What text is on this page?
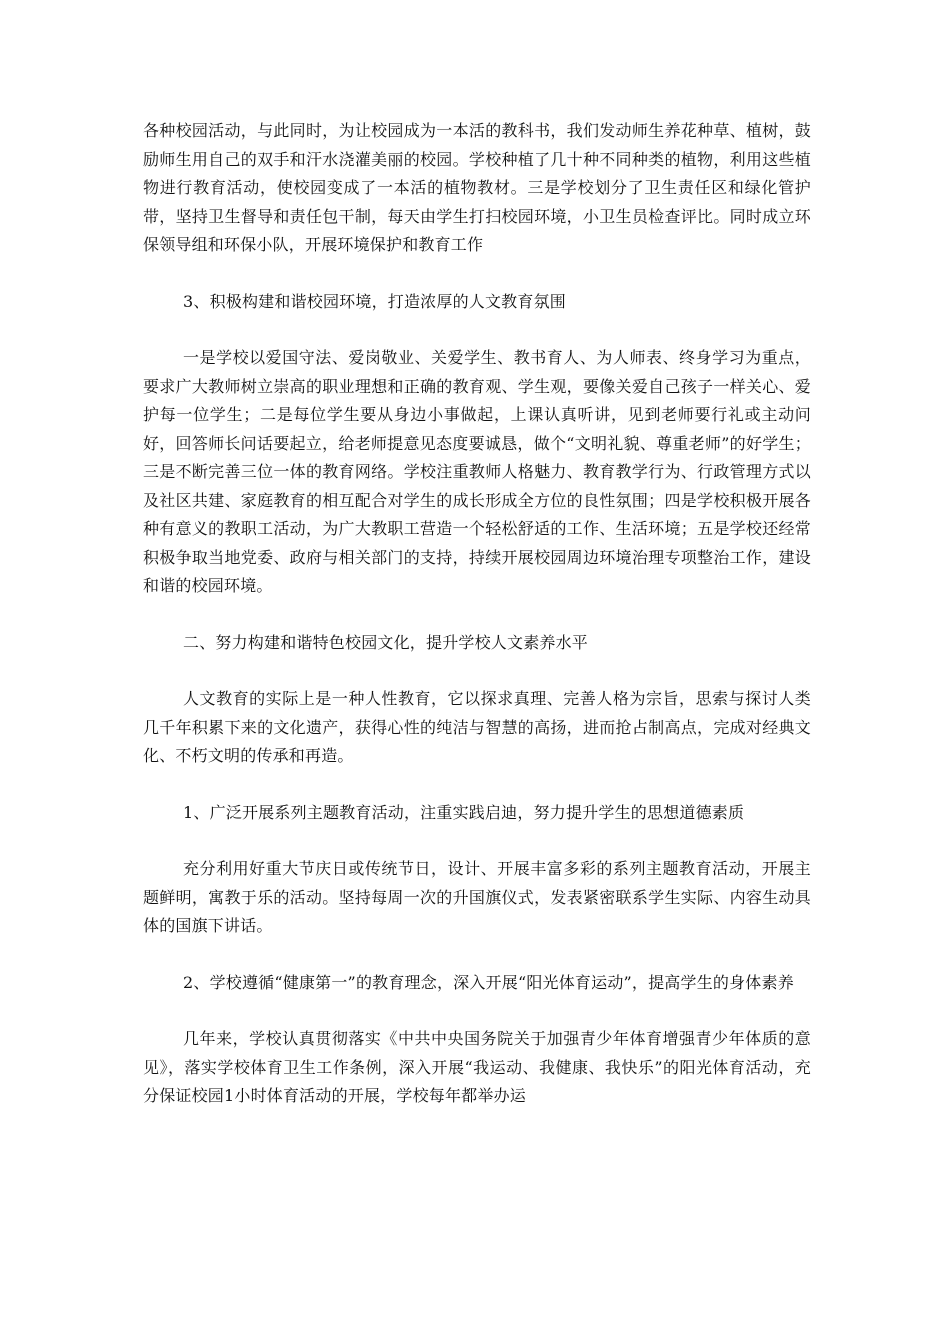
各种校园活动，与此同时，为让校园成为一本活的教科书，我们发动师生养花种草、植树，鼓励师生用自己的双手和汗水浇灌美丽的校园。学校种植了几十种不同种类的植物，利用这些植物进行教育活动，使校园变成了一本活的植物教材。三是学校划分了卫生责任区和绿化管护带，坚持卫生督导和责任包干制，每天由学生打扫校园环境，小卫生员检查评比。同时成立环保领导组和环保小队，开展环境保护和教育工作

3、积极构建和谐校园环境，打造浓厚的人文教育氛围

一是学校以爱国守法、爱岗敬业、关爱学生、教书育人、为人师表、终身学习为重点，要求广大教师树立崇高的职业理想和正确的教育观、学生观，要像关爱自己孩子一样关心、爱护每一位学生；二是每位学生要从身边小事做起，上课认真听讲，见到老师要行礼或主动问好，回答师长问话要起立，给老师提意见态度要诚恳，做个“文明礼貌、尊重老师”的好学生；三是不断完善三位一体的教育网络。学校注重教师人格魅力、教育教学行为、行政管理方式以及社区共建、家庭教育的相互配合对学生的成长形成全方位的良性氛围；四是学校积极开展各种有意义的教职工活动，为广大教职工营造一个轻松舒适的工作、生活环境；五是学校还经常积极争取当地党委、政府与相关部门的支持，持续开展校园周边环境治理专项整治工作，建设和谐的校园环境。

二、努力构建和谐特色校园文化，提升学校人文素养水平

人文教育的实际上是一种人性教育，它以探求真理、完善人格为宗旨，思索与探讨人类几千年积累下来的文化遗产，获得心性的纯洁与智慧的高扬，进而抢占制高点，完成对经典文化、不朽文明的传承和再造。

1、广泛开展系列主题教育活动，注重实践启迪，努力提升学生的思想道德素质

充分利用好重大节庆日或传统节日，设计、开展丰富多彩的系列主题教育活动，开展主题鲜明，寓教于乐的活动。坚持每周一次的升国旗仪式，发表紧密联系学生实际、内容生动具体的国旗下讲话。

2、学校遵循“健康第一”的教育理念，深入开展“阳光体育运动”，提高学生的身体素养

几年来，学校认真贯彻落实《中共中央国务院关于加强青少年体育增强青少年体质的意见》，落实学校体育卫生工作条例，深入开展“我运动、我健康、我快乐”的阳光体育活动，充分保证校园1小时体育活动的开展，学校每年都举办运
